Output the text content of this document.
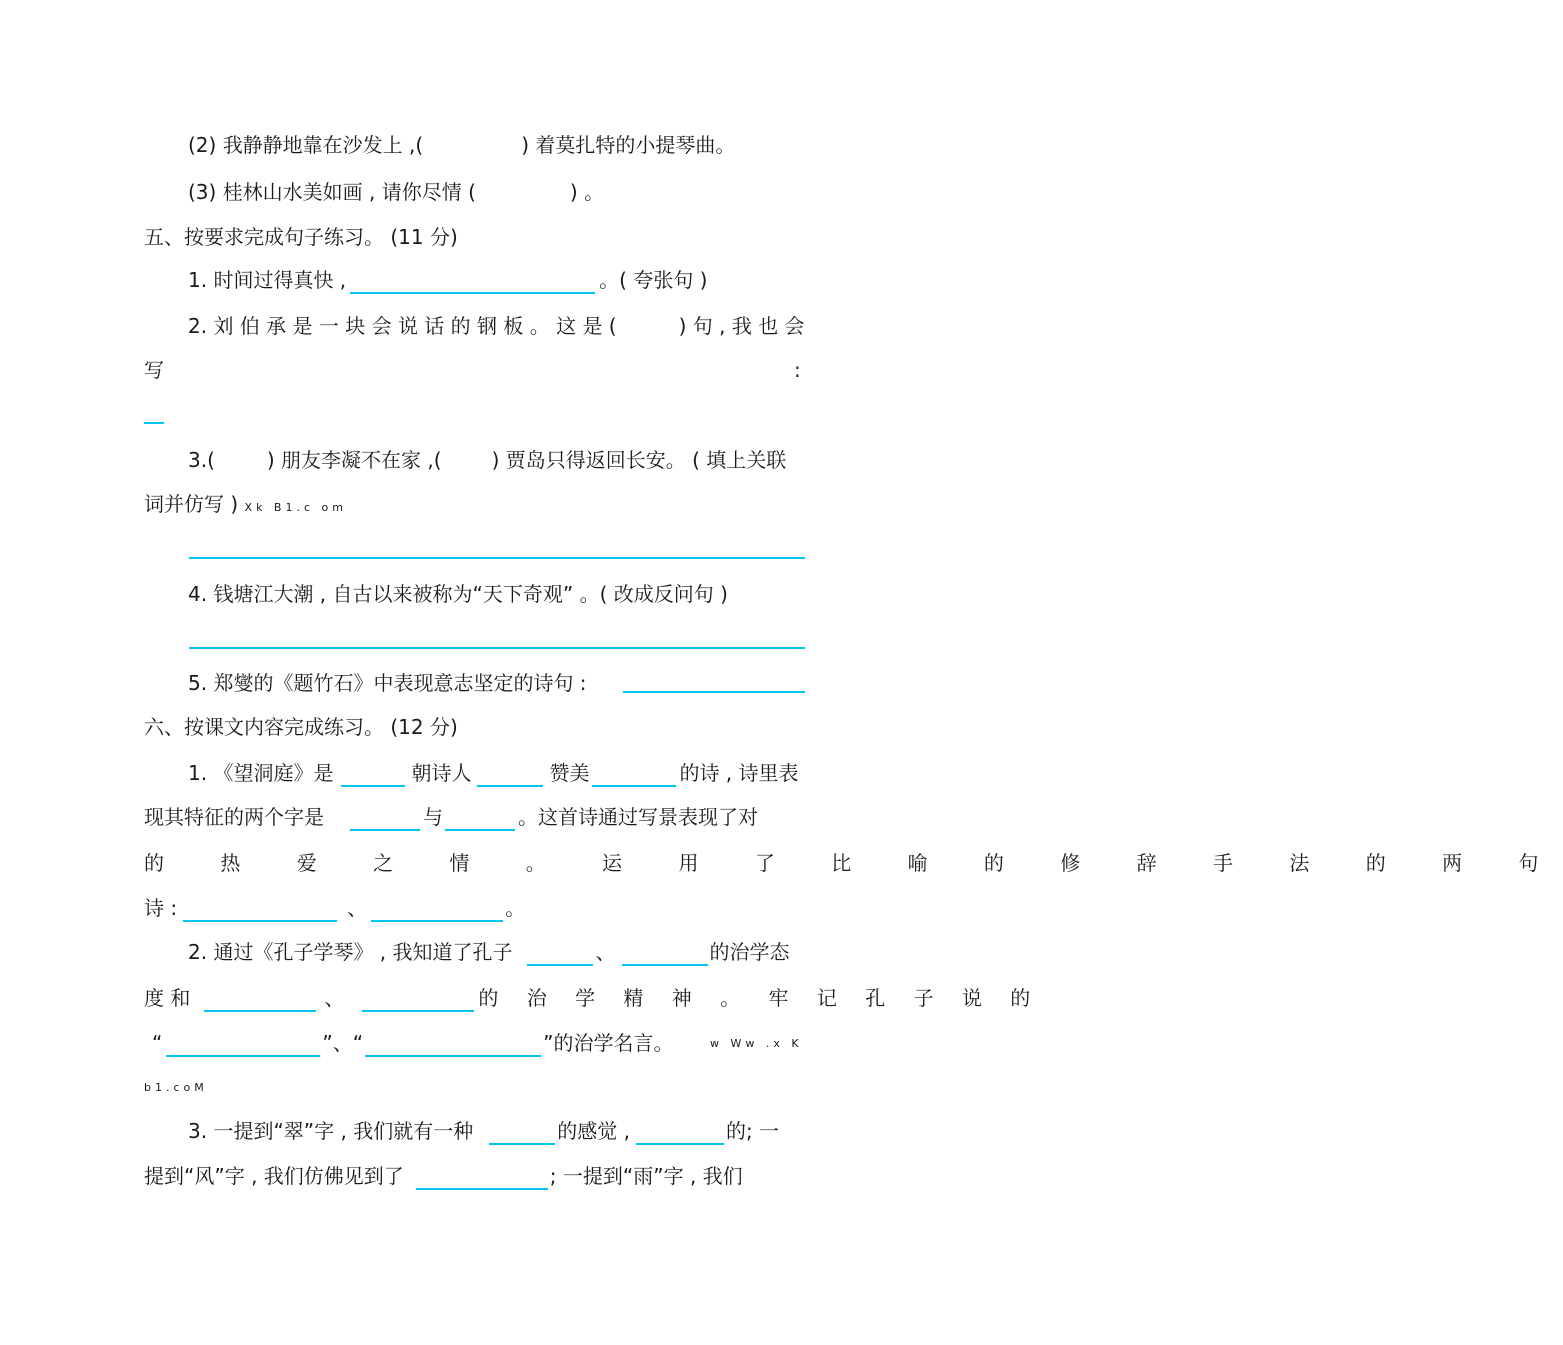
(2) 我静静地靠在沙发上 ,(	) 着莫扎特的小提琴曲。
(3) 桂林山水美如画 , 请你尽情 (	) 。
五、按要求完成句子练习。 (11 分)
1. 时间过得真快 ,	。( 夸张句 )
2. 刘 伯 承 是 一 块 会 说 话 的 钢 板 。 这 是 (	) 句 , 我 也 会
写	:
3.(	) 朋友李凝不在家 ,(	) 贾岛只得返回长安。 ( 填上关联
词并仿写 ) Xk B1.c om
4. 钱塘江大潮 , 自古以来被称为“天下奇观” 。( 改成反问句 )
5. 郑燮的《题竹石》中表现意志坚定的诗句 :
六、按课文内容完成练习。 (12 分)
1. 《望洞庭》是	朝诗人	赞美	的诗 , 诗里表
现其特征的两个字是	与	。这首诗通过写景表现了对
的 热 爱 之 情 。 运 用 了 比 喻 的 修 辞 手 法 的 两 句
诗 :	、	。
2. 通过《孔子学琴》 , 我知道了孔子	、	的治学态
度 和	、	的 治 学 精 神 。 牢 记 孔 子 说 的
“	”、“	”的治学名言。	w Ww .x K
b1.coM
3. 一提到“翠”字 , 我们就有一种	的感觉 ,	的; 一
提到“风”字 , 我们仿佛见到了	; 一提到“雨”字 , 我们
